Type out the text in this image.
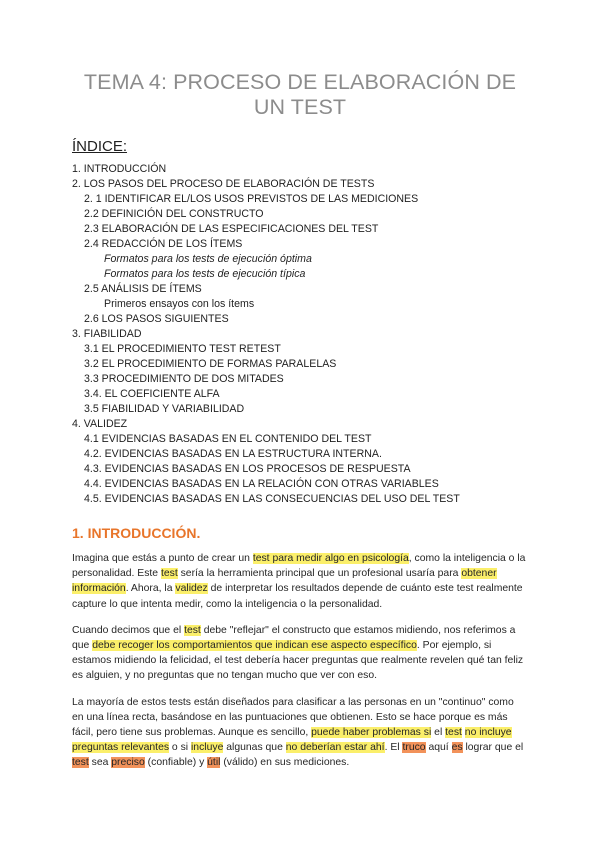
TEMA 4: PROCESO DE ELABORACIÓN DE UN TEST
ÍNDICE:
1. INTRODUCCIÓN
2. LOS PASOS DEL PROCESO DE ELABORACIÓN DE TESTS
2. 1 IDENTIFICAR EL/LOS USOS PREVISTOS DE LAS MEDICIONES
2.2 DEFINICIÓN DEL CONSTRUCTO
2.3 ELABORACIÓN DE LAS ESPECIFICACIONES DEL TEST
2.4 REDACCIÓN DE LOS ÍTEMS
Formatos para los tests de ejecución óptima
Formatos para los tests de ejecución típica
2.5 ANÁLISIS DE ÍTEMS
Primeros ensayos con los ítems
2.6 LOS PASOS SIGUIENTES
3. FIABILIDAD
3.1 EL PROCEDIMIENTO TEST RETEST
3.2 EL PROCEDIMIENTO DE FORMAS PARALELAS
3.3 PROCEDIMIENTO DE DOS MITADES
3.4. EL COEFICIENTE ALFA
3.5 FIABILIDAD Y VARIABILIDAD
4. VALIDEZ
4.1 EVIDENCIAS BASADAS EN EL CONTENIDO DEL TEST
4.2. EVIDENCIAS BASADAS EN LA ESTRUCTURA INTERNA.
4.3. EVIDENCIAS BASADAS EN LOS PROCESOS DE RESPUESTA
4.4. EVIDENCIAS BASADAS EN LA RELACIÓN CON OTRAS VARIABLES
4.5. EVIDENCIAS BASADAS EN LAS CONSECUENCIAS DEL USO DEL TEST
1. INTRODUCCIÓN.

Imagina que estás a punto de crear un test para medir algo en psicología, como la inteligencia o la personalidad. Este test sería la herramienta principal que un profesional usaría para obtener información. Ahora, la validez de interpretar los resultados depende de cuánto este test realmente capture lo que intenta medir, como la inteligencia o la personalidad.

Cuando decimos que el test debe "reflejar" el constructo que estamos midiendo, nos referimos a que debe recoger los comportamientos que indican ese aspecto específico. Por ejemplo, si estamos midiendo la felicidad, el test debería hacer preguntas que realmente revelen qué tan feliz es alguien, y no preguntas que no tengan mucho que ver con eso.

La mayoría de estos tests están diseñados para clasificar a las personas en un "continuo" como en una línea recta, basándose en las puntuaciones que obtienen. Esto se hace porque es más fácil, pero tiene sus problemas. Aunque es sencillo, puede haber problemas si el test no incluye preguntas relevantes o si incluye algunas que no deberían estar ahí. El truco aquí es lograr que el test sea preciso (confiable) y útil (válido) en sus mediciones.
